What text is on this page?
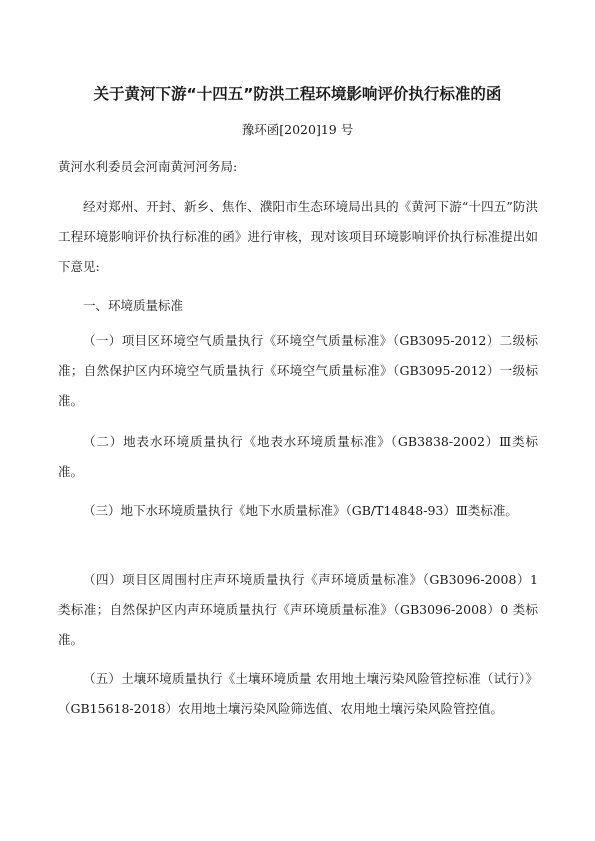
关于黄河下游“十四五”防洪工程环境影响评价执行标准的函
豫环函[2020]19 号
黄河水利委员会河南黄河河务局:

经对郑州、开封、新乡、焦作、濮阳市生态环境局出具的《黄河下游“十四五”防洪工程环境影响评价执行标准的函》进行审核，现对该项目环境影响评价执行标准提出如下意见:

一、环境质量标准

（一）项目区环境空气质量执行《环境空气质量标准》（GB3095-2012）二级标准；自然保护区内环境空气质量执行《环境空气质量标准》（GB3095-2012）一级标准。

（二）地表水环境质量执行《地表水环境质量标准》（GB3838-2002）Ⅲ类标准。

（三）地下水环境质量执行《地下水质量标准》（GB/T14848-93）Ⅲ类标准。

（四）项目区周围村庄声环境质量执行《声环境质量标准》（GB3096-2008）1 类标准；自然保护区内声环境质量执行《声环境质量标准》（GB3096-2008）0 类标准。

（五）土壤环境质量执行《土壤环境质量 农用地土壤污染风险管控标准（试行）》（GB15618-2018）农用地土壤污染风险筛选值、农用地土壤污染风险管控值。
